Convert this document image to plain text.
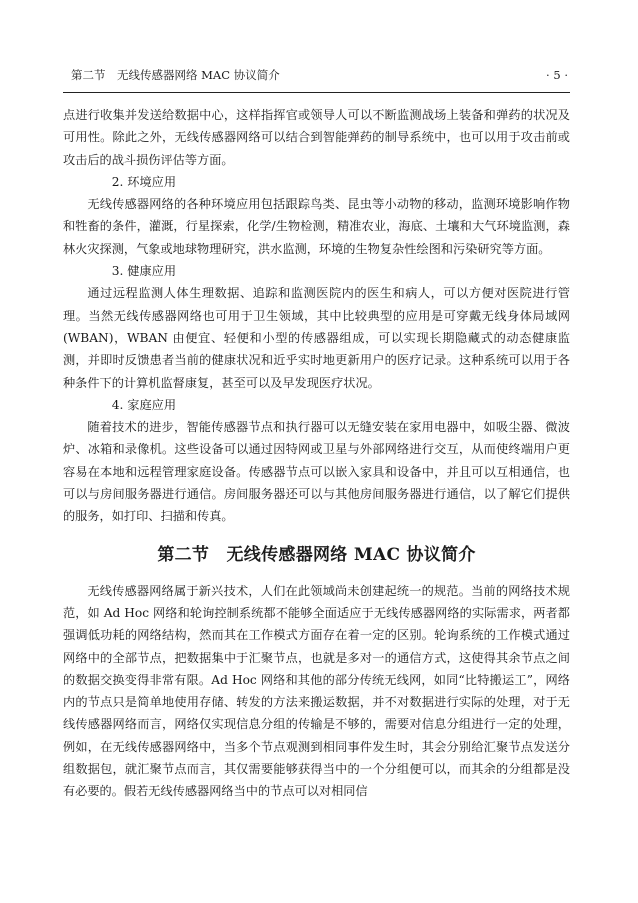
第二节　无线传感器网络 MAC 协议简介	· 5 ·

点进行收集并发送给数据中心，这样指挥官或领导人可以不断监测战场上装备和弹药的状况及可用性。除此之外，无线传感器网络可以结合到智能弹药的制导系统中，也可以用于攻击前或攻击后的战斗损伤评估等方面。

2. 环境应用

无线传感器网络的各种环境应用包括跟踪鸟类、昆虫等小动物的移动，监测环境影响作物和牲畜的条件，灌溉，行星探索，化学/生物检测，精准农业，海底、土壤和大气环境监测，森林火灾探测，气象或地球物理研究，洪水监测，环境的生物复杂性绘图和污染研究等方面。

3. 健康应用

通过远程监测人体生理数据、追踪和监测医院内的医生和病人，可以方便对医院进行管理。当然无线传感器网络也可用于卫生领域，其中比较典型的应用是可穿戴无线身体局域网 (WBAN)，WBAN 由便宜、轻便和小型的传感器组成，可以实现长期隐藏式的动态健康监测，并即时反馈患者当前的健康状况和近乎实时地更新用户的医疗记录。这种系统可以用于各种条件下的计算机监督康复，甚至可以及早发现医疗状况。

4. 家庭应用

随着技术的进步，智能传感器节点和执行器可以无缝安装在家用电器中，如吸尘器、微波炉、冰箱和录像机。这些设备可以通过因特网或卫星与外部网络进行交互，从而使终端用户更容易在本地和远程管理家庭设备。传感器节点可以嵌入家具和设备中，并且可以互相通信，也可以与房间服务器进行通信。房间服务器还可以与其他房间服务器进行通信，以了解它们提供的服务，如打印、扫描和传真。

第二节　无线传感器网络 MAC 协议简介

无线传感器网络属于新兴技术，人们在此领域尚未创建起统一的规范。当前的网络技术规范，如 Ad Hoc 网络和轮询控制系统都不能够全面适应于无线传感器网络的实际需求，两者都强调低功耗的网络结构，然而其在工作模式方面存在着一定的区别。轮询系统的工作模式通过网络中的全部节点，把数据集中于汇聚节点，也就是多对一的通信方式，这使得其余节点之间的数据交换变得非常有限。Ad Hoc 网络和其他的部分传统无线网，如同“比特搬运工”，网络内的节点只是简单地使用存储、转发的方法来搬运数据，并不对数据进行实际的处理，对于无线传感器网络而言，网络仅实现信息分组的传输是不够的，需要对信息分组进行一定的处理，例如，在无线传感器网络中，当多个节点观测到相同事件发生时，其会分别给汇聚节点发送分组数据包，就汇聚节点而言，其仅需要能够获得当中的一个分组便可以，而其余的分组都是没有必要的。假若无线传感器网络当中的节点可以对相同信
